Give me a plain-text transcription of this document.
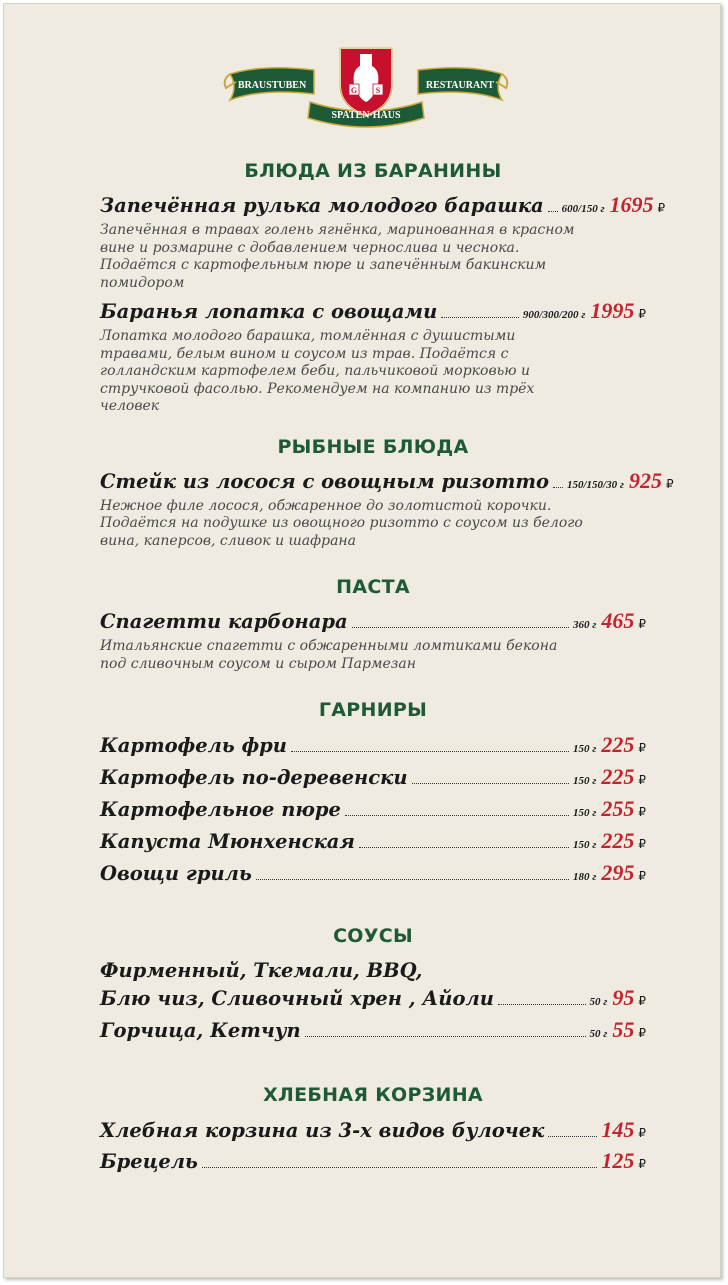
G S
BRAUSTUBEN	RESTAURANT
SPATEN·HAUS
БЛЮДА ИЗ БАРАНИНЫ
Запечённая рулька молодого барашка 600/150 г 1695 ₽
Запечённая в травах голень ягнёнка, маринованная в красном
вине и розмарине с добавлением чернослива и чеснока.
Подаётся с картофельным пюре и запечённым бакинским
помидором
Баранья лопатка с овощами	900/300/200 г 1995 ₽
Лопатка молодого барашка, томлённая с душистыми
травами, белым вином и соусом из трав. Подаётся с
голландским картофелем беби, пальчиковой морковью и
стручковой фасолью. Рекомендуем на компанию из трёх
человек
РЫБНЫЕ БЛЮДА
Стейк из лосося с овощным ризотто 150/150/30 г 925 ₽
Нежное филе лосося, обжаренное до золотистой корочки.
Подаётся на подушке из овощного ризотто с соусом из белого
вина, каперсов, сливок и шафрана
ПАСТА
Спагетти карбонара	360 г 465 ₽
Итальянские спагетти с обжаренными ломтиками бекона
под сливочным соусом и сыром Пармезан
ГАРНИРЫ
Картофель фри	150 г 225 ₽
Картофель по-деревенски	150 г 225 ₽
Картофельное пюре	150 г 255 ₽
Капуста Мюнхенская	150 г 225 ₽
Овощи гриль	180 г 295 ₽
СОУСЫ
Фирменный, Ткемали, BBQ,
Блю чиз, Сливочный хрен , Айоли	50 г 95 ₽
Горчица, Кетчуп	50 г 55 ₽
ХЛЕБНАЯ КОРЗИНА
Хлебная корзина из 3-х видов булочек	145 ₽
Брецель	125 ₽
